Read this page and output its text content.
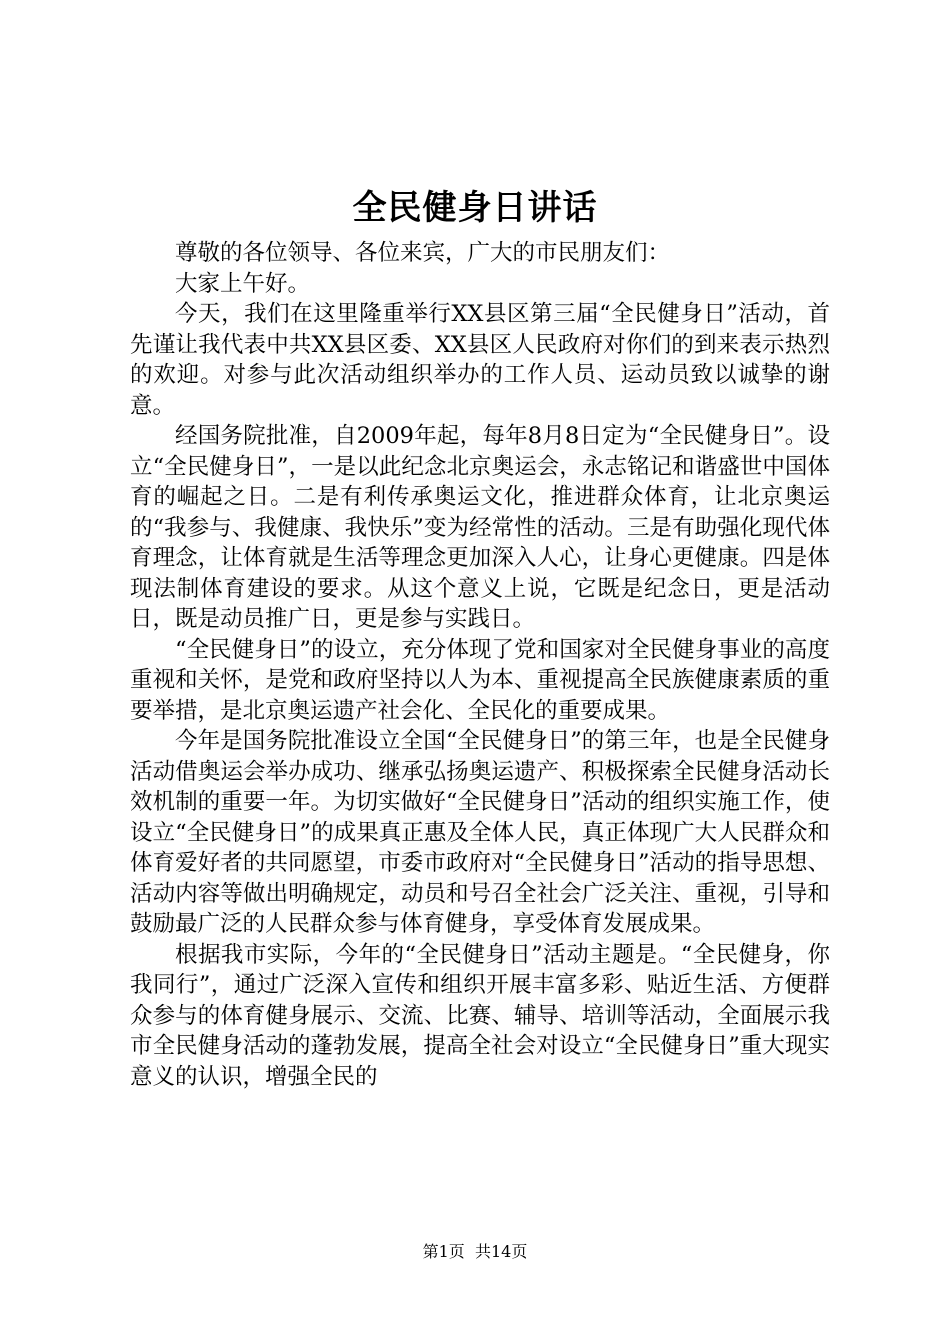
全民健身日讲话

尊敬的各位领导、各位来宾，广大的市民朋友们：

大家上午好。

今天，我们在这里隆重举行XX县区第三届“全民健身日”活动，首先谨让我代表中共XX县区委、XX县区人民政府对你们的到来表示热烈的欢迎。对参与此次活动组织举办的工作人员、运动员致以诚挚的谢意。

经国务院批准，自2009年起，每年8月8日定为“全民健身日”。设立“全民健身日”，一是以此纪念北京奥运会，永志铭记和谐盛世中国体育的崛起之日。二是有利传承奥运文化，推进群众体育，让北京奥运的“我参与、我健康、我快乐”变为经常性的活动。三是有助强化现代体育理念，让体育就是生活等理念更加深入人心，让身心更健康。四是体现法制体育建设的要求。从这个意义上说，它既是纪念日，更是活动日，既是动员推广日，更是参与实践日。

“全民健身日”的设立，充分体现了党和国家对全民健身事业的高度重视和关怀，是党和政府坚持以人为本、重视提高全民族健康素质的重要举措，是北京奥运遗产社会化、全民化的重要成果。

今年是国务院批准设立全国“全民健身日”的第三年，也是全民健身活动借奥运会举办成功、继承弘扬奥运遗产、积极探索全民健身活动长效机制的重要一年。为切实做好“全民健身日”活动的组织实施工作，使设立“全民健身日”的成果真正惠及全体人民，真正体现广大人民群众和体育爱好者的共同愿望，市委市政府对“全民健身日”活动的指导思想、活动内容等做出明确规定，动员和号召全社会广泛关注、重视，引导和鼓励最广泛的人民群众参与体育健身，享受体育发展成果。

根据我市实际，今年的“全民健身日”活动主题是。“全民健身，你我同行”，通过广泛深入宣传和组织开展丰富多彩、贴近生活、方便群众参与的体育健身展示、交流、比赛、辅导、培训等活动，全面展示我市全民健身活动的蓬勃发展，提高全社会对设立“全民健身日”重大现实意义的认识，增强全民的

第1页 共14页
